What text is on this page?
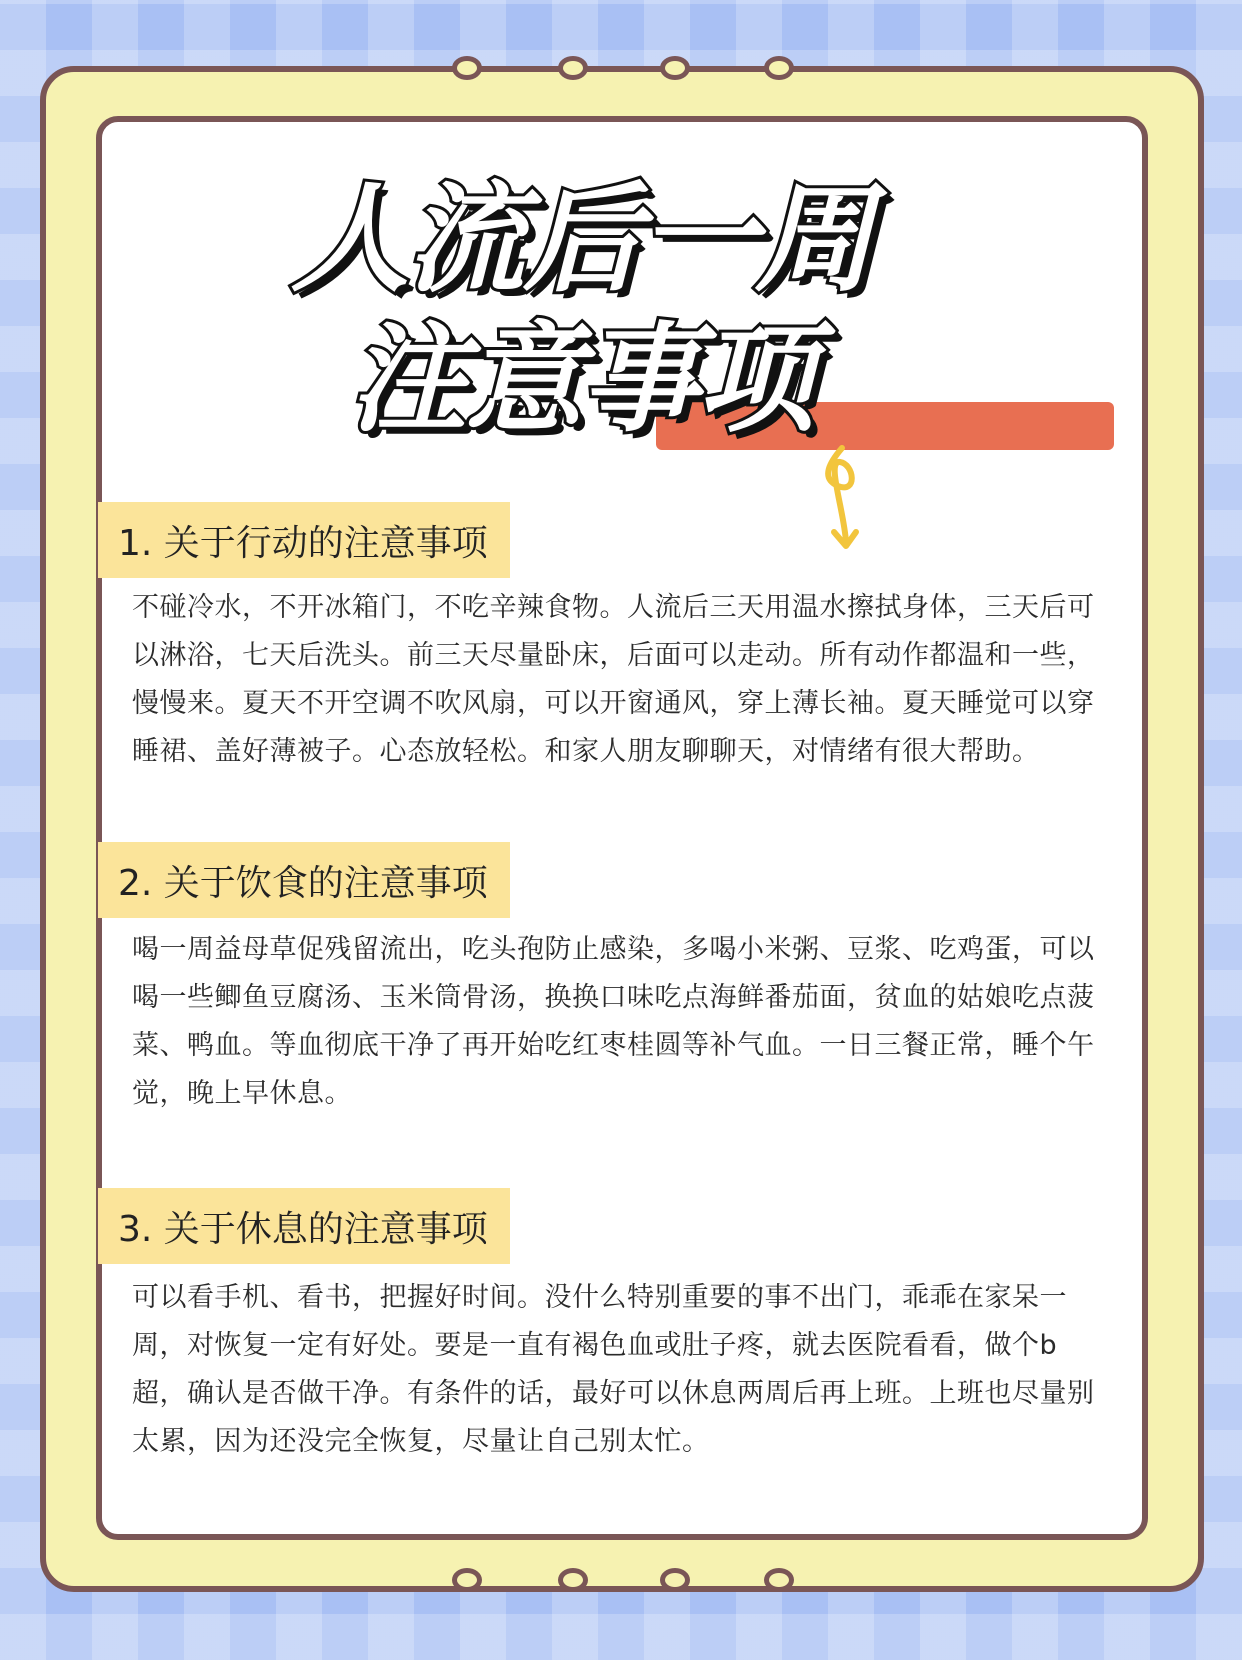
人流后一周
注意事项
1. 关于行动的注意事项
不碰冷水，不开冰箱门，不吃辛辣食物。人流后三天用温水擦拭身体，三天后可以淋浴，七天后洗头。前三天尽量卧床，后面可以走动。所有动作都温和一些，慢慢来。夏天不开空调不吹风扇，可以开窗通风，穿上薄长袖。夏天睡觉可以穿睡裙、盖好薄被子。心态放轻松。和家人朋友聊聊天，对情绪有很大帮助。
2. 关于饮食的注意事项
喝一周益母草促残留流出，吃头孢防止感染，多喝小米粥、豆浆、吃鸡蛋，可以喝一些鲫鱼豆腐汤、玉米筒骨汤，换换口味吃点海鲜番茄面，贫血的姑娘吃点菠菜、鸭血。等血彻底干净了再开始吃红枣桂圆等补气血。一日三餐正常，睡个午觉，晚上早休息。
3. 关于休息的注意事项
可以看手机、看书，把握好时间。没什么特别重要的事不出门，乖乖在家呆一周，对恢复一定有好处。要是一直有褐色血或肚子疼，就去医院看看，做个b超，确认是否做干净。有条件的话，最好可以休息两周后再上班。上班也尽量别太累，因为还没完全恢复，尽量让自己别太忙。
